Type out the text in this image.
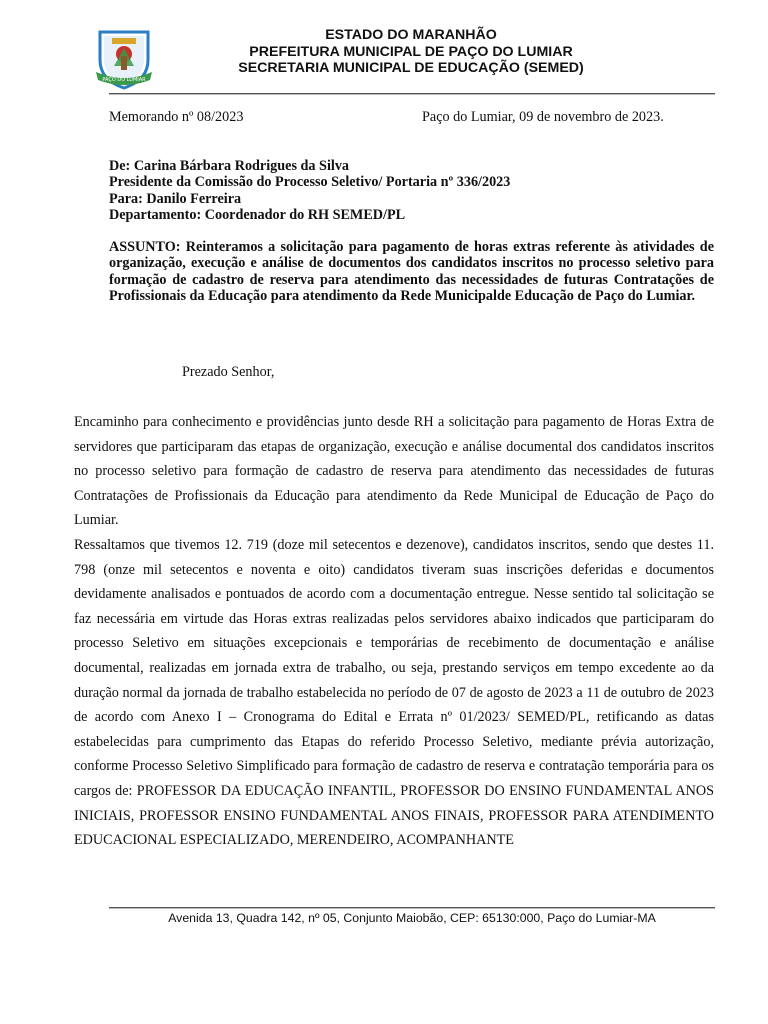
PAÇO DO LUMIAR
ESTADO DO MARANHÃO
PREFEITURA MUNICIPAL DE PAÇO DO LUMIAR
SECRETARIA MUNICIPAL DE EDUCAÇÃO (SEMED)
Memorando nº 08/2023	Paço do Lumiar, 09 de novembro de 2023.
De: Carina Bárbara Rodrigues da Silva
Presidente da Comissão do Processo Seletivo/ Portaria nº 336/2023
Para: Danilo Ferreira
Departamento: Coordenador do RH SEMED/PL
ASSUNTO: Reinteramos a solicitação para pagamento de horas extras referente às atividades de organização, execução e análise de documentos dos candidatos inscritos no processo seletivo para formação de cadastro de reserva para atendimento das necessidades de futuras Contratações de Profissionais da Educação para atendimento da Rede Municipalde Educação de Paço do Lumiar.
Prezado Senhor,

Encaminho para conhecimento e providências junto desde RH a solicitação para pagamento de Horas Extra de servidores que participaram das etapas de organização, execução e análise documental dos candidatos inscritos no processo seletivo para formação de cadastro de reserva para atendimento das necessidades de futuras Contratações de Profissionais da Educação para atendimento da Rede Municipal de Educação de Paço do Lumiar.

Ressaltamos que tivemos 12. 719 (doze mil setecentos e dezenove), candidatos inscritos, sendo que destes 11. 798 (onze mil setecentos e noventa e oito) candidatos tiveram suas inscrições deferidas e documentos devidamente analisados e pontuados de acordo com a documentação entregue. Nesse sentido tal solicitação se faz necessária em virtude das Horas extras realizadas pelos servidores abaixo indicados que participaram do processo Seletivo em situações excepcionais e temporárias de recebimento de documentação e análise documental, realizadas em jornada extra de trabalho, ou seja, prestando serviços em tempo excedente ao da duração normal da jornada de trabalho estabelecida no período de 07 de agosto de 2023 a 11 de outubro de 2023 de acordo com Anexo I – Cronograma do Edital e Errata nº 01/2023/ SEMED/PL, retificando as datas estabelecidas para cumprimento das Etapas do referido Processo Seletivo, mediante prévia autorização, conforme Processo Seletivo Simplificado para formação de cadastro de reserva e contratação temporária para os cargos de: PROFESSOR DA EDUCAÇÃO INFANTIL, PROFESSOR DO ENSINO FUNDAMENTAL ANOS INICIAIS, PROFESSOR ENSINO FUNDAMENTAL ANOS FINAIS, PROFESSOR PARA ATENDIMENTO EDUCACIONAL ESPECIALIZADO, MERENDEIRO, ACOMPANHANTE

Avenida 13, Quadra 142, nº 05, Conjunto Maiobão, CEP: 65130:000, Paço do Lumiar-MA
